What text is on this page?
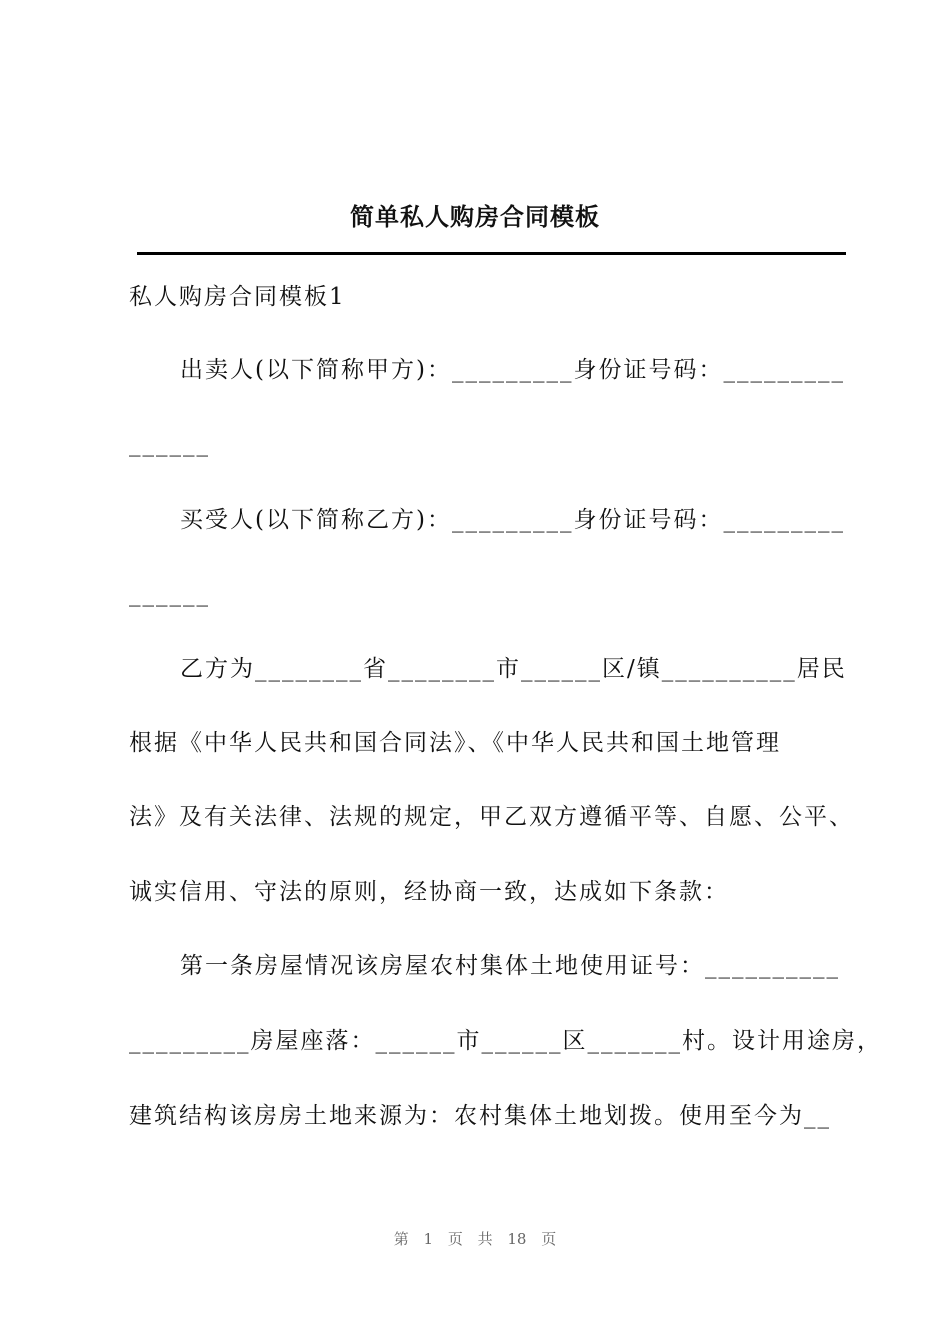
简单私人购房合同模板
私人购房合同模板1
出卖人(以下简称甲方)：_________身份证号码：_________
______
买受人(以下简称乙方)：_________身份证号码：_________
______
乙方为________省________市______区/镇__________居民
根据《中华人民共和国合同法》、《中华人民共和国土地管理
法》及有关法律、法规的规定，甲乙双方遵循平等、自愿、公平、
诚实信用、守法的原则，经协商一致，达成如下条款：
第一条房屋情况该房屋农村集体土地使用证号：__________
_________房屋座落：______市______区_______村。设计用途房，
建筑结构该房房土地来源为：农村集体土地划拨。使用至今为__
第 1 页 共 18 页
